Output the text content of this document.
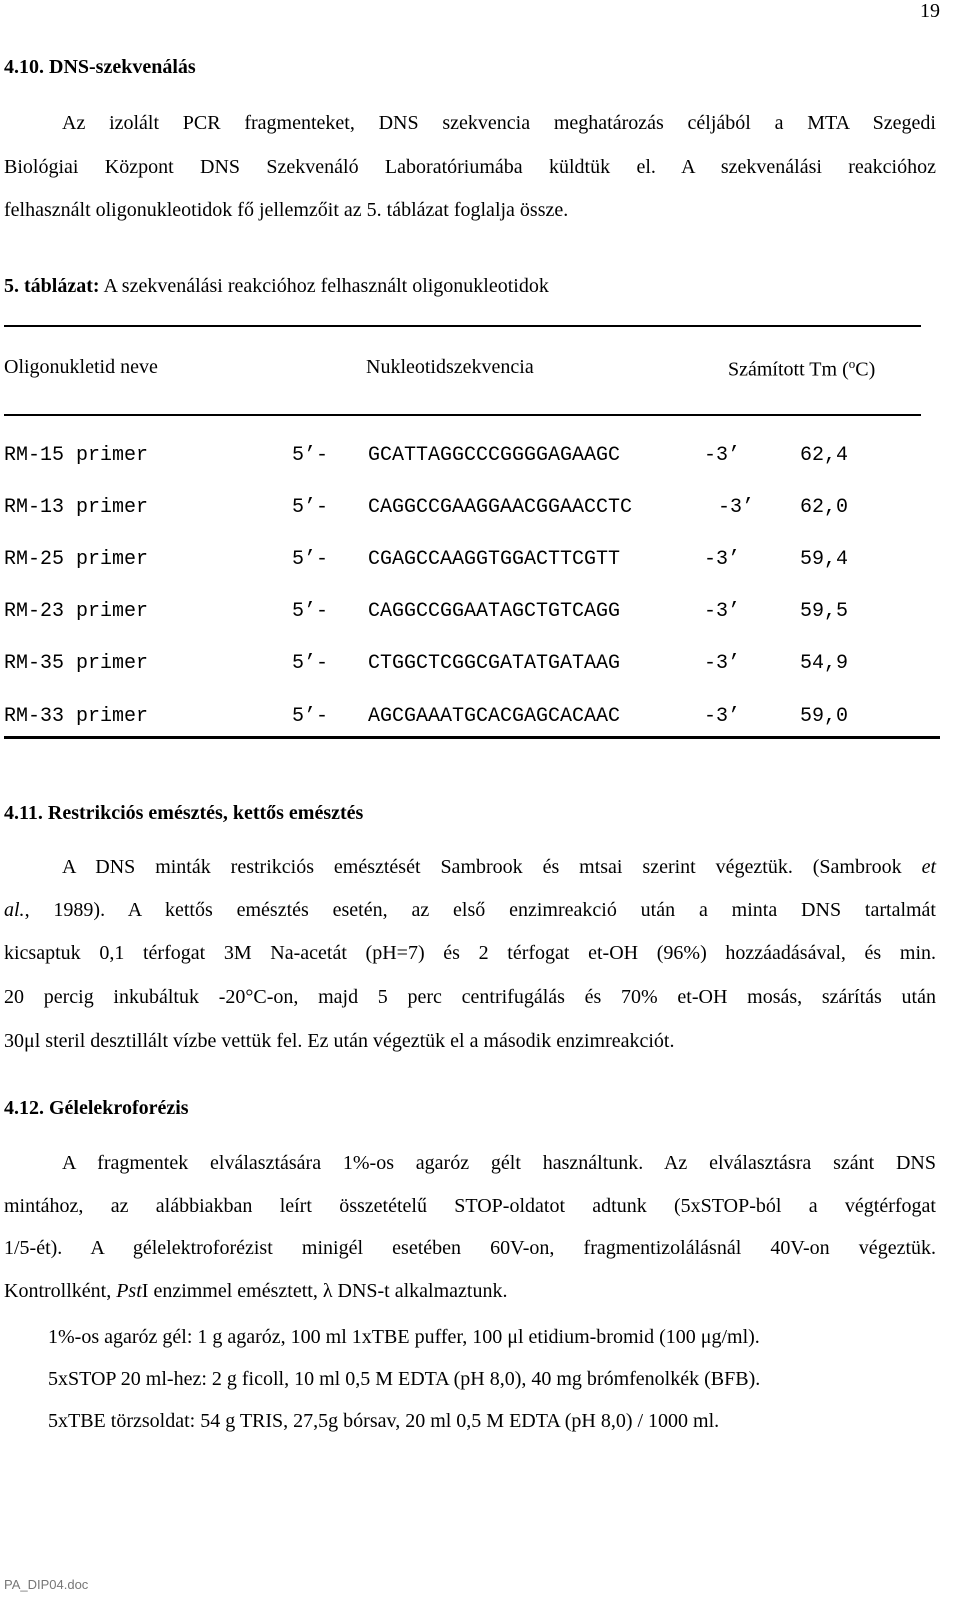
19
4.10. DNS-szekvenálás
Az izolált PCR fragmenteket, DNS szekvencia meghatározás céljából a MTA Szegedi
Biológiai Központ DNS Szekvenáló Laboratóriumába küldtük el. A szekvenálási reakcióhoz
felhasznált oligonukleotidok fő jellemzőit az 5. táblázat foglalja össze.
5. táblázat: A szekvenálási reakcióhoz felhasznált oligonukleotidok
Oligonukletid neve	Nukleotidszekvencia	Számított Tm ($^o$C)
RM-15 primer	5’- GCATTAGGCCCGGGGAGAAGC	-3’	62,4
RM-13 primer	5’- CAGGCCGAAGGAACGGAACCTC	-3’ 62,0
RM-25 primer	5’- CGAGCCAAGGTGGACTTCGTT	-3’	59,4
RM-23 primer	5’- CAGGCCGGAATAGCTGTCAGG	-3’	59,5
RM-35 primer	5’- CTGGCTCGGCGATATGATAAG	-3’	54,9
RM-33 primer	5’- AGCGAAATGCACGAGCACAAC	-3’	59,0
4.11. Restrikciós emésztés, kettős emésztés
A DNS minták restrikciós emésztését Sambrook és mtsai szerint végeztük. (Sambrook et
al., 1989). A kettős emésztés esetén, az első enzimreakció után a minta DNS tartalmát
kicsaptuk 0,1 térfogat 3M Na-acetát (pH=7) és 2 térfogat et-OH (96%) hozzáadásával, és min.
20 percig inkubáltuk -20°C-on, majd 5 perc centrifugálás és 70% et-OH mosás, szárítás után
30μl steril desztillált vízbe vettük fel. Ez után végeztük el a második enzimreakciót.
4.12. Gélelekroforézis
A fragmentek elválasztására 1%-os agaróz gélt használtunk. Az elválasztásra szánt DNS
mintához, az alábbiakban leírt összetételű STOP-oldatot adtunk (5xSTOP-ból a végtérfogat
1/5-ét). A gélelektroforézist minigél esetében 60V-on, fragmentizolálásnál 40V-on végeztük.
Kontrollként, PstI enzimmel emésztett, λ DNS-t alkalmaztunk.
1%-os agaróz gél: 1 g agaróz, 100 ml 1xTBE puffer, 100 μl etidium-bromid (100 μg/ml).
5xSTOP 20 ml-hez: 2 g ficoll, 10 ml 0,5 M EDTA (pH 8,0), 40 mg brómfenolkék (BFB).
5xTBE törzsoldat: 54 g TRIS, 27,5g bórsav, 20 ml 0,5 M EDTA (pH 8,0) / 1000 ml.
PA_DIP04.doc
